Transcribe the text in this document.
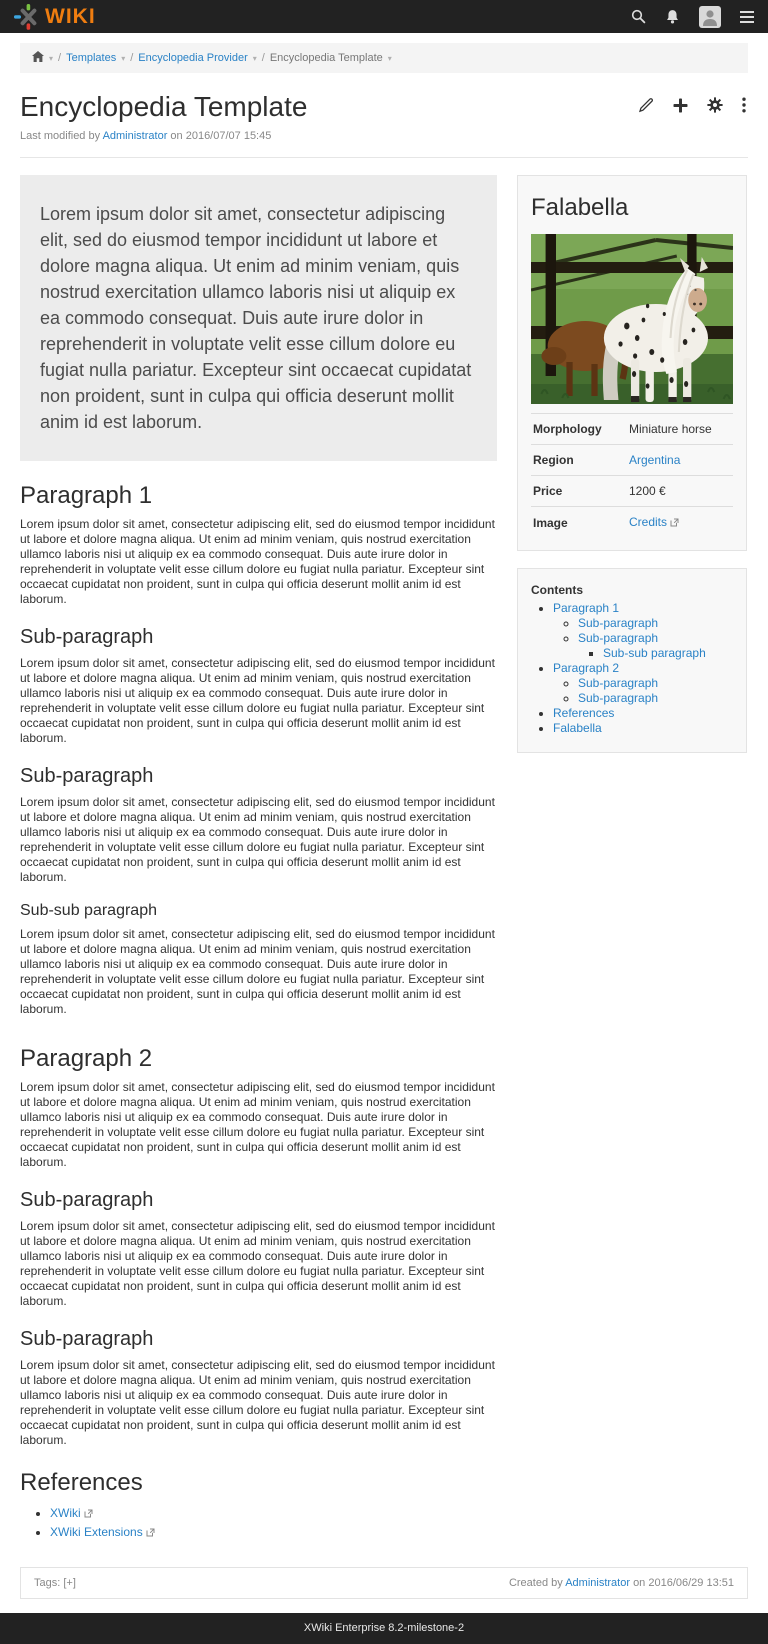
WIKI
▾ / Templates ▾ / Encyclopedia Provider ▾ / Encyclopedia Template ▾
Encyclopedia Template
Last modified by Administrator on 2016/07/07 15:45
Lorem ipsum dolor sit amet, consectetur adipiscing elit, sed do eiusmod tempor incididunt ut labore et dolore magna aliqua. Ut enim ad minim veniam, quis nostrud exercitation ullamco laboris nisi ut aliquip ex ea commodo consequat. Duis aute irure dolor in reprehenderit in voluptate velit esse cillum dolore eu fugiat nulla pariatur. Excepteur sint occaecat cupidatat non proident, sunt in culpa qui officia deserunt mollit anim id est laborum.
Paragraph 1

Lorem ipsum dolor sit amet, consectetur adipiscing elit, sed do eiusmod tempor incididunt ut labore et dolore magna aliqua. Ut enim ad minim veniam, quis nostrud exercitation ullamco laboris nisi ut aliquip ex ea commodo consequat. Duis aute irure dolor in reprehenderit in voluptate velit esse cillum dolore eu fugiat nulla pariatur. Excepteur sint occaecat cupidatat non proident, sunt in culpa qui officia deserunt mollit anim id est laborum.

Sub-paragraph

Lorem ipsum dolor sit amet, consectetur adipiscing elit, sed do eiusmod tempor incididunt ut labore et dolore magna aliqua. Ut enim ad minim veniam, quis nostrud exercitation ullamco laboris nisi ut aliquip ex ea commodo consequat. Duis aute irure dolor in reprehenderit in voluptate velit esse cillum dolore eu fugiat nulla pariatur. Excepteur sint occaecat cupidatat non proident, sunt in culpa qui officia deserunt mollit anim id est laborum.

Sub-paragraph

Lorem ipsum dolor sit amet, consectetur adipiscing elit, sed do eiusmod tempor incididunt ut labore et dolore magna aliqua. Ut enim ad minim veniam, quis nostrud exercitation ullamco laboris nisi ut aliquip ex ea commodo consequat. Duis aute irure dolor in reprehenderit in voluptate velit esse cillum dolore eu fugiat nulla pariatur. Excepteur sint occaecat cupidatat non proident, sunt in culpa qui officia deserunt mollit anim id est laborum.

Sub-sub paragraph

Lorem ipsum dolor sit amet, consectetur adipiscing elit, sed do eiusmod tempor incididunt ut labore et dolore magna aliqua. Ut enim ad minim veniam, quis nostrud exercitation ullamco laboris nisi ut aliquip ex ea commodo consequat. Duis aute irure dolor in reprehenderit in voluptate velit esse cillum dolore eu fugiat nulla pariatur. Excepteur sint occaecat cupidatat non proident, sunt in culpa qui officia deserunt mollit anim id est laborum.

Paragraph 2

Lorem ipsum dolor sit amet, consectetur adipiscing elit, sed do eiusmod tempor incididunt ut labore et dolore magna aliqua. Ut enim ad minim veniam, quis nostrud exercitation ullamco laboris nisi ut aliquip ex ea commodo consequat. Duis aute irure dolor in reprehenderit in voluptate velit esse cillum dolore eu fugiat nulla pariatur. Excepteur sint occaecat cupidatat non proident, sunt in culpa qui officia deserunt mollit anim id est laborum.

Sub-paragraph

Lorem ipsum dolor sit amet, consectetur adipiscing elit, sed do eiusmod tempor incididunt ut labore et dolore magna aliqua. Ut enim ad minim veniam, quis nostrud exercitation ullamco laboris nisi ut aliquip ex ea commodo consequat. Duis aute irure dolor in reprehenderit in voluptate velit esse cillum dolore eu fugiat nulla pariatur. Excepteur sint occaecat cupidatat non proident, sunt in culpa qui officia deserunt mollit anim id est laborum.

Sub-paragraph

Lorem ipsum dolor sit amet, consectetur adipiscing elit, sed do eiusmod tempor incididunt ut labore et dolore magna aliqua. Ut enim ad minim veniam, quis nostrud exercitation ullamco laboris nisi ut aliquip ex ea commodo consequat. Duis aute irure dolor in reprehenderit in voluptate velit esse cillum dolore eu fugiat nulla pariatur. Excepteur sint occaecat cupidatat non proident, sunt in culpa qui officia deserunt mollit anim id est laborum.

References
• XWiki
• XWiki Extensions
Falabella
Morphology	Miniature horse
Region	Argentina
Price	1200 €
Image	Credits
Contents
• Paragraph 1
◦ Sub-paragraph
◦ Sub-paragraph
▪ Sub-sub paragraph
• Paragraph 2
◦ Sub-paragraph
◦ Sub-paragraph
• References
• Falabella
Tags: [+]	Created by Administrator on 2016/06/29 13:51
XWiki Enterprise 8.2-milestone-2
